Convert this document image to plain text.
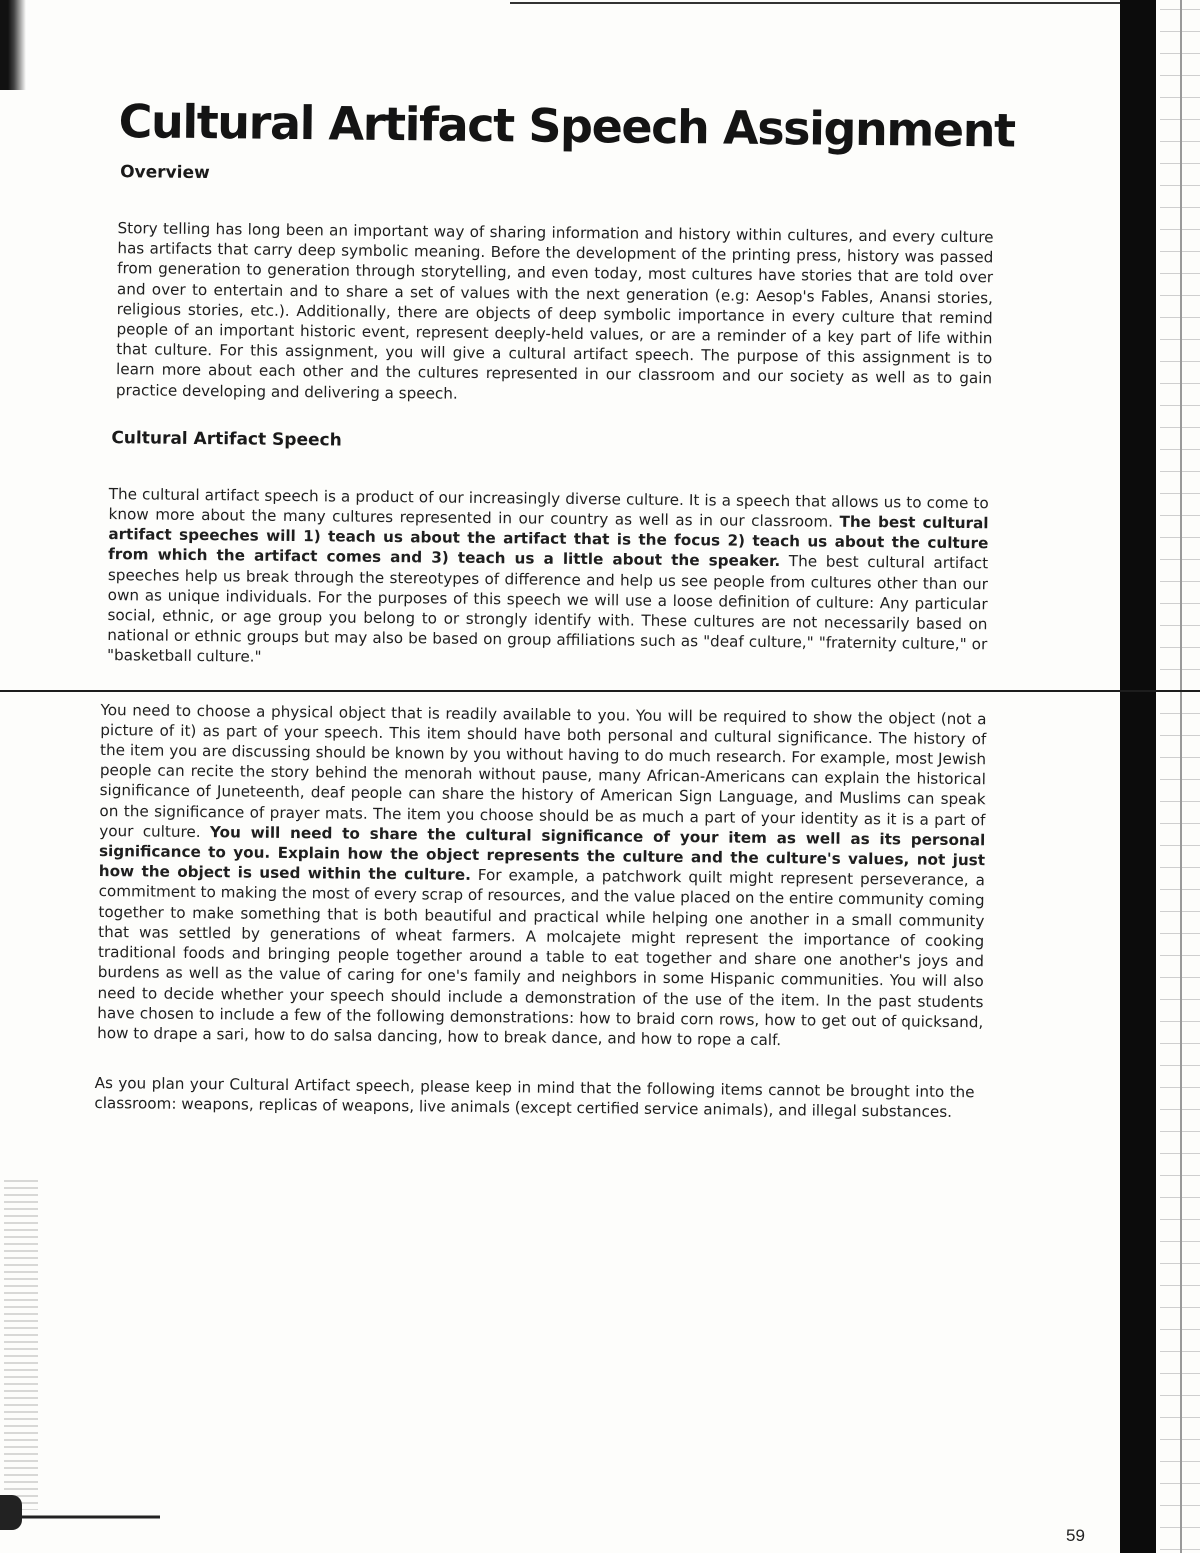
Cultural Artifact Speech Assignment
Overview

Story telling has long been an important way of sharing information and history within cultures, and every culture has artifacts that carry deep symbolic meaning. Before the development of the printing press, history was passed from generation to generation through storytelling, and even today, most cultures have stories that are told over and over to entertain and to share a set of values with the next generation (e.g: Aesop's Fables, Anansi stories, religious stories, etc.). Additionally, there are objects of deep symbolic importance in every culture that remind people of an important historic event, represent deeply-held values, or are a reminder of a key part of life within that culture. For this assignment, you will give a cultural artifact speech. The purpose of this assignment is to learn more about each other and the cultures represented in our classroom and our society as well as to gain practice developing and delivering a speech.

Cultural Artifact Speech

The cultural artifact speech is a product of our increasingly diverse culture. It is a speech that allows us to come to know more about the many cultures represented in our country as well as in our classroom. The best cultural artifact speeches will 1) teach us about the artifact that is the focus 2) teach us about the culture from which the artifact comes and 3) teach us a little about the speaker. The best cultural artifact speeches help us break through the stereotypes of difference and help us see people from cultures other than our own as unique individuals. For the purposes of this speech we will use a loose definition of culture: Any particular social, ethnic, or age group you belong to or strongly identify with. These cultures are not necessarily based on national or ethnic groups but may also be based on group affiliations such as "deaf culture," "fraternity culture," or "basketball culture."

You need to choose a physical object that is readily available to you. You will be required to show the object (not a picture of it) as part of your speech. This item should have both personal and cultural significance. The history of the item you are discussing should be known by you without having to do much research. For example, most Jewish people can recite the story behind the menorah without pause, many African-Americans can explain the historical significance of Juneteenth, deaf people can share the history of American Sign Language, and Muslims can speak on the significance of prayer mats. The item you choose should be as much a part of your identity as it is a part of your culture. You will need to share the cultural significance of your item as well as its personal significance to you. Explain how the object represents the culture and the culture's values, not just how the object is used within the culture. For example, a patchwork quilt might represent perseverance, a commitment to making the most of every scrap of resources, and the value placed on the entire community coming together to make something that is both beautiful and practical while helping one another in a small community that was settled by generations of wheat farmers. A molcajete might represent the importance of cooking traditional foods and bringing people together around a table to eat together and share one another's joys and burdens as well as the value of caring for one's family and neighbors in some Hispanic communities. You will also need to decide whether your speech should include a demonstration of the use of the item. In the past students have chosen to include a few of the following demonstrations: how to braid corn rows, how to get out of quicksand, how to drape a sari, how to do salsa dancing, how to break dance, and how to rope a calf.

As you plan your Cultural Artifact speech, please keep in mind that the following items cannot be brought into the classroom: weapons, replicas of weapons, live animals (except certified service animals), and illegal substances.

59
